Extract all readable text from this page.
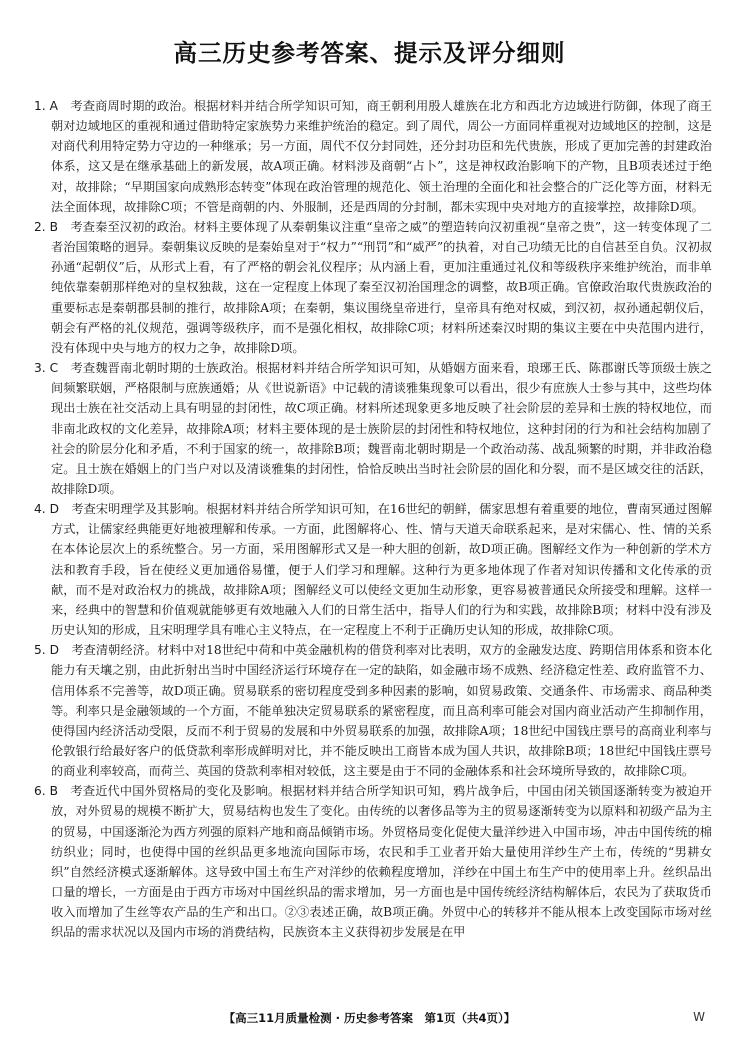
高三历史参考答案、提示及评分细则
1. A　 考查商周时期的政治。根据材料并结合所学知识可知，商王朝利用殷人雄族在北方和西北方边域进行防御，体现了商王朝对边域地区的重视和通过借助特定家族势力来维护统治的稳定。到了周代，周公一方面同样重视对边域地区的控制，这是对商代利用特定势力守边的一种继承；另一方面，周代不仅分封同姓，还分封功臣和先代贵族，形成了更加完善的封建政治体系，这又是在继承基础上的新发展，故A项正确。材料涉及商朝“占卜”，这是神权政治影响下的产物，且B项表述过于绝对，故排除；“早期国家向成熟形态转变”体现在政治管理的规范化、领土治理的全面化和社会整合的广泛化等方面，材料无法全面体现，故排除C项；不管是商朝的内、外服制，还是西周的分封制，都未实现中央对地方的直接掌控，故排除D项。
2. B　 考查秦至汉初的政治。材料主要体现了从秦朝集议注重“皇帝之威”的塑造转向汉初重视“皇帝之贵”，这一转变体现了二者治国策略的迥异。秦朝集议反映的是秦始皇对于“权力”“刑罚”和“威严”的执着，对自己功绩无比的自信甚至自负。汉初叔孙通“起朝仪”后，从形式上看，有了严格的朝会礼仪程序；从内涵上看，更加注重通过礼仪和等级秩序来维护统治，而非单纯依靠秦朝那样绝对的皇权独裁，这在一定程度上体现了秦至汉初治国理念的调整，故B项正确。官僚政治取代贵族政治的重要标志是秦朝郡县制的推行，故排除A项；在秦朝，集议围绕皇帝进行，皇帝具有绝对权威，到汉初，叔孙通起朝仪后，朝会有严格的礼仪规范，强调等级秩序，而不是强化相权，故排除C项；材料所述秦汉时期的集议主要在中央范围内进行，没有体现中央与地方的权力之争，故排除D项。
3. C　 考查魏晋南北朝时期的士族政治。根据材料并结合所学知识可知，从婚姻方面来看，琅琊王氏、陈郡谢氏等顶级士族之间频繁联姻，严格限制与庶族通婚；从《世说新语》中记载的清谈雅集现象可以看出，很少有庶族人士参与其中，这些均体现出士族在社交活动上具有明显的封闭性，故C项正确。材料所述现象更多地反映了社会阶层的差异和士族的特权地位，而非南北政权的文化差异，故排除A项；材料主要体现的是士族阶层的封闭性和特权地位，这种封闭的行为和社会结构加剧了社会的阶层分化和矛盾，不利于国家的统一，故排除B项；魏晋南北朝时期是一个政治动荡、战乱频繁的时期，并非政治稳定。且士族在婚姻上的门当户对以及清谈雅集的封闭性，恰恰反映出当时社会阶层的固化和分裂，而不是区域交往的活跃，故排除D项。
4. D　 考查宋明理学及其影响。根据材料并结合所学知识可知，在16世纪的朝鲜，儒家思想有着重要的地位，曹南冥通过图解方式，让儒家经典能更好地被理解和传承。一方面，此图解将心、性、情与天道天命联系起来，是对宋儒心、性、情的关系在本体论层次上的系统整合。另一方面，采用图解形式又是一种大胆的创新，故D项正确。图解经文作为一种创新的学术方法和教育手段，旨在使经义更加通俗易懂，便于人们学习和理解。这种行为更多地体现了作者对知识传播和文化传承的贡献，而不是对政治权力的挑战，故排除A项；图解经义可以使经文更加生动形象，更容易被普通民众所接受和理解。这样一来，经典中的智慧和价值观就能够更有效地融入人们的日常生活中，指导人们的行为和实践，故排除B项；材料中没有涉及历史认知的形成，且宋明理学具有唯心主义特点，在一定程度上不利于正确历史认知的形成，故排除C项。
5. D　 考查清朝经济。材料中对18世纪中荷和中英金融机构的借贷利率对比表明，双方的金融发达度、跨期信用体系和资本化能力有天壤之别，由此折射出当时中国经济运行环境存在一定的缺陷，如金融市场不成熟、经济稳定性差、政府监管不力、信用体系不完善等，故D项正确。贸易联系的密切程度受到多种因素的影响，如贸易政策、交通条件、市场需求、商品种类等。利率只是金融领域的一个方面，不能单独决定贸易联系的紧密程度，而且高利率可能会对国内商业活动产生抑制作用，使得国内经济活动受限，反而不利于贸易的发展和中外贸易联系的加强，故排除A项；18世纪中国钱庄票号的高商业利率与伦敦银行给最好客户的低贷款利率形成鲜明对比，并不能反映出工商皆本成为国人共识，故排除B项；18世纪中国钱庄票号的商业利率较高，而荷兰、英国的贷款利率相对较低，这主要是由于不同的金融体系和社会环境所导致的，故排除C项。
6. B　 考查近代中国外贸格局的变化及影响。根据材料并结合所学知识可知，鸦片战争后，中国由闭关锁国逐渐转变为被迫开放，对外贸易的规模不断扩大，贸易结构也发生了变化。由传统的以奢侈品等为主的贸易逐渐转变为以原料和初级产品为主的贸易，中国逐渐沦为西方列强的原料产地和商品倾销市场。外贸格局变化促使大量洋纱进入中国市场，冲击中国传统的棉纺织业；同时，也使得中国的丝织品更多地流向国际市场，农民和手工业者开始大量使用洋纱生产土布，传统的“男耕女织”自然经济模式逐渐解体。这导致中国土布生产对洋纱的依赖程度增加，洋纱在中国土布生产中的使用率上升。丝织品出口量的增长，一方面是由于西方市场对中国丝织品的需求增加，另一方面也是中国传统经济结构解体后，农民为了获取货币收入而增加了生丝等农产品的生产和出口。②③表述正确，故B项正确。外贸中心的转移并不能从根本上改变国际市场对丝织品的需求状况以及国内市场的消费结构，民族资本主义获得初步发展是在甲
【高三11月质量检测 · 历史参考答案　第1页（共4页）】	W
